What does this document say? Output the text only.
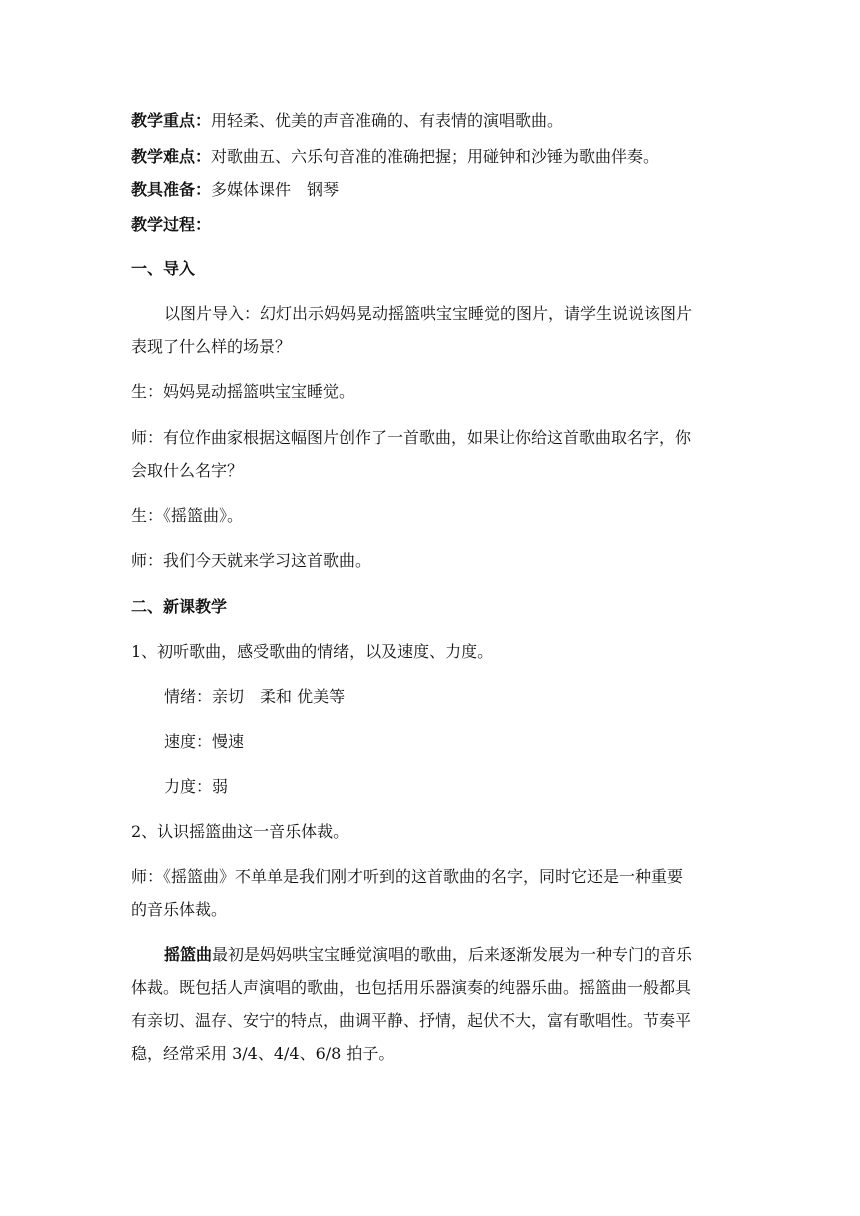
教学重点：用轻柔、优美的声音准确的、有表情的演唱歌曲。
教学难点：对歌曲五、六乐句音准的准确把握；用碰钟和沙锤为歌曲伴奏。
教具准备：多媒体课件　钢琴
教学过程：
一、导入
以图片导入：幻灯出示妈妈晃动摇篮哄宝宝睡觉的图片，请学生说说该图片
表现了什么样的场景？
生：妈妈晃动摇篮哄宝宝睡觉。
师：有位作曲家根据这幅图片创作了一首歌曲，如果让你给这首歌曲取名字，你
会取什么名字？
生：《摇篮曲》。
师：我们今天就来学习这首歌曲。
二、新课教学
1、初听歌曲，感受歌曲的情绪，以及速度、力度。
情绪：亲切　柔和 优美等
速度：慢速
力度：弱
2、认识摇篮曲这一音乐体裁。
师：《摇篮曲》不单单是我们刚才听到的这首歌曲的名字，同时它还是一种重要
的音乐体裁。
摇篮曲最初是妈妈哄宝宝睡觉演唱的歌曲，后来逐渐发展为一种专门的音乐
体裁。既包括人声演唱的歌曲，也包括用乐器演奏的纯器乐曲。摇篮曲一般都具
有亲切、温存、安宁的特点，曲调平静、抒情，起伏不大，富有歌唱性。节奏平
稳，经常采用 3/4、4/4、6/8 拍子。
